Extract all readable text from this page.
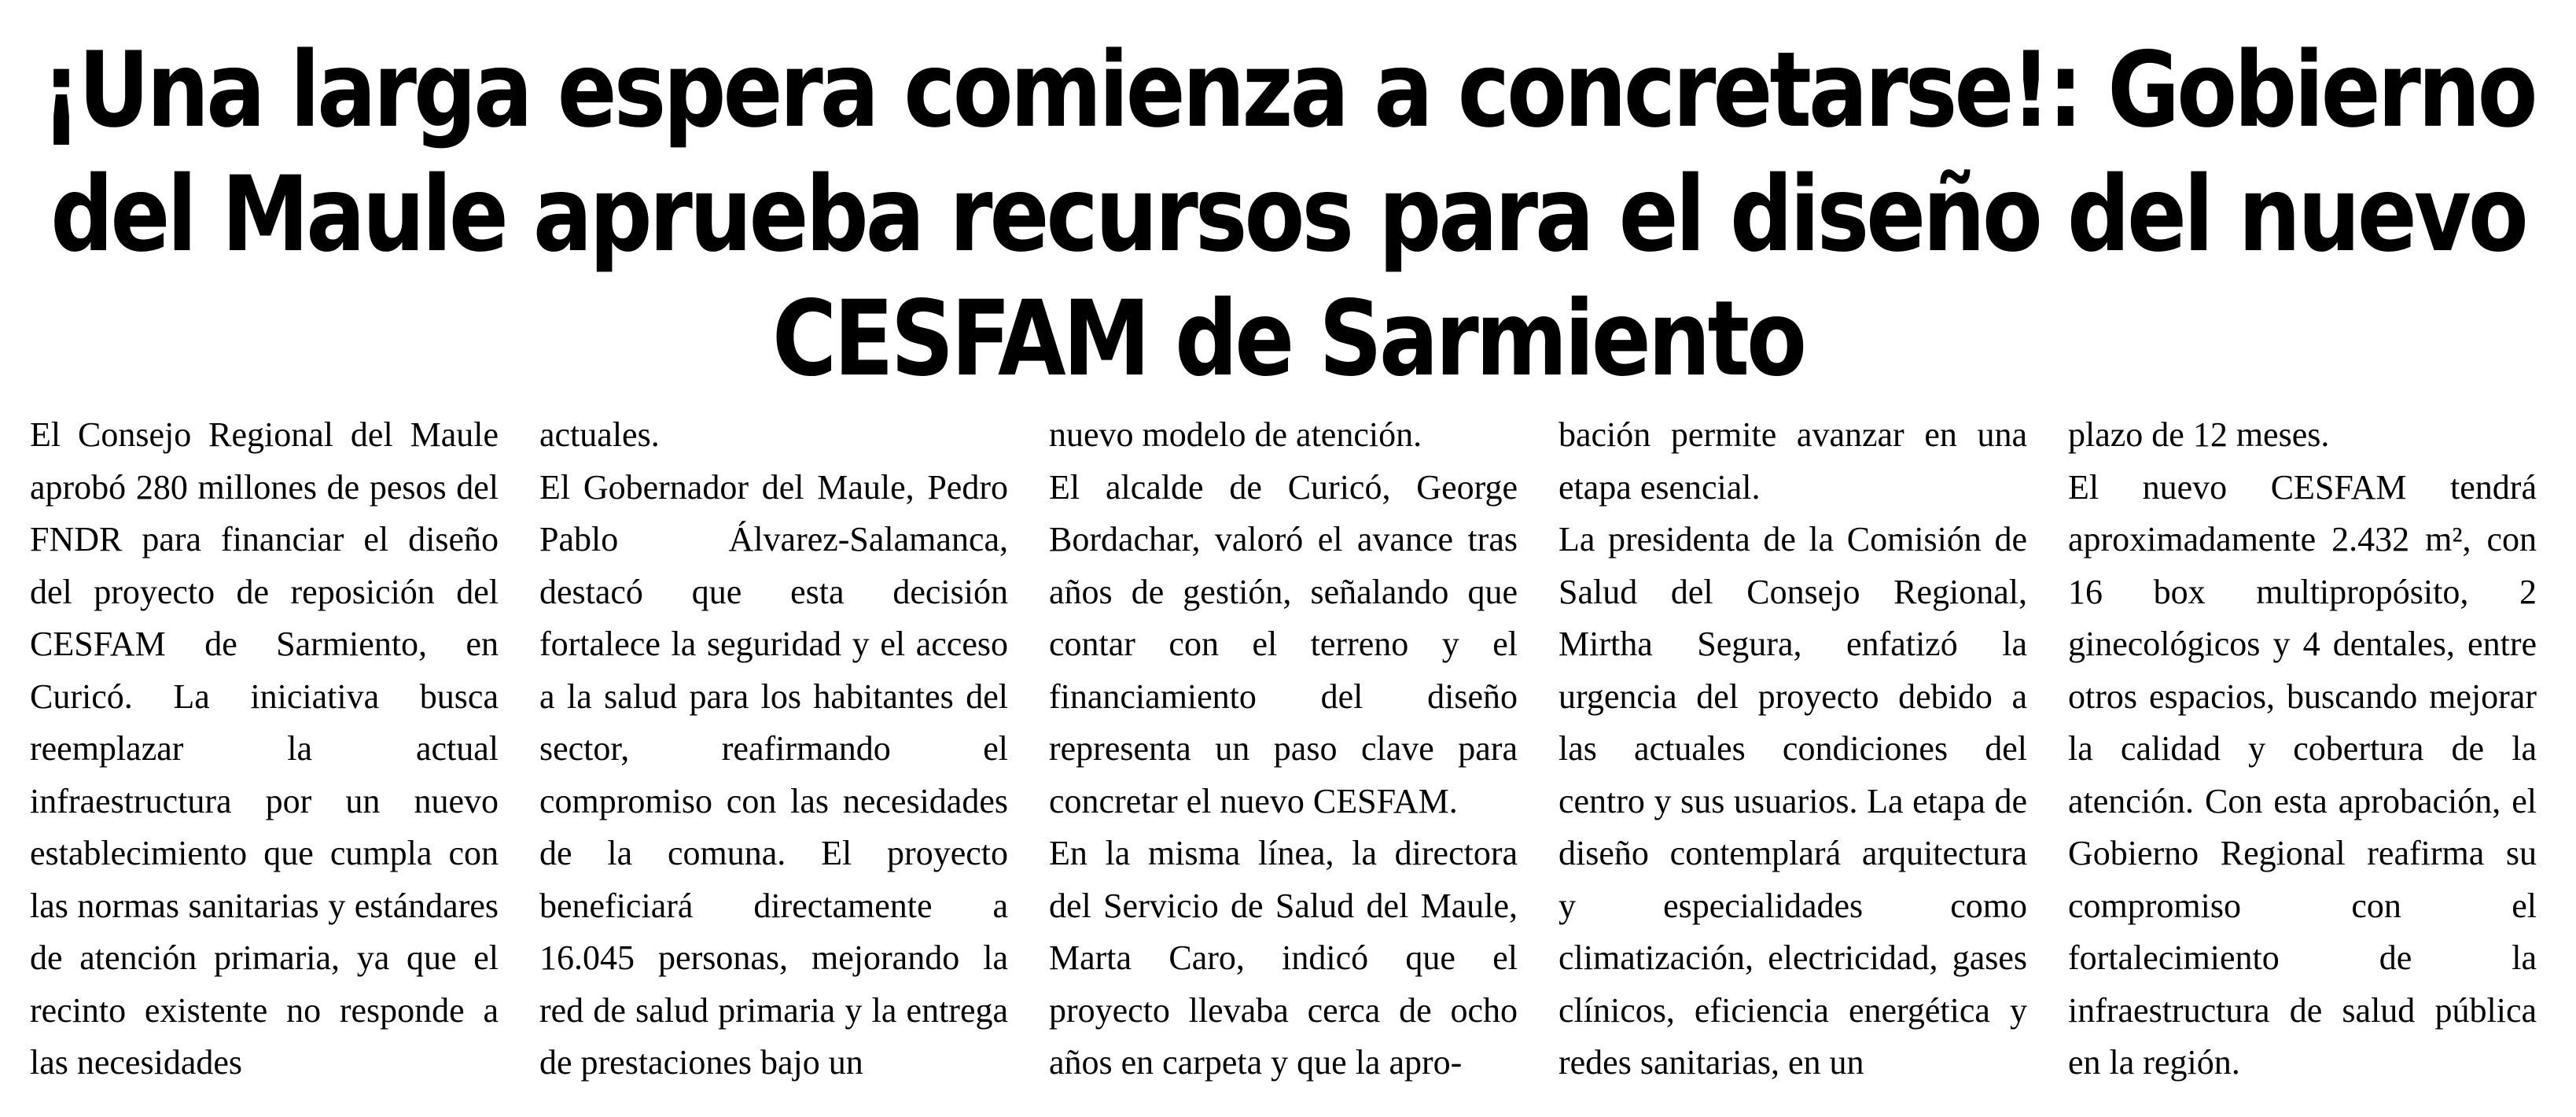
¡Una larga espera comienza a concretarse!: Gobierno del Maule aprueba recursos para el diseño del nuevo CESFAM de Sarmiento

El Consejo Regional del Maule aprobó 280 millones de pesos del FNDR para financiar el diseño del proyecto de reposición del CESFAM de Sarmiento, en Curicó. La iniciativa busca reemplazar la actual infraestructura por un nuevo establecimiento que cumpla con las normas sanitarias y estándares de atención primaria, ya que el recinto existente no responde a las necesidades

actuales.

El Gobernador del Maule, Pedro Pablo Álvarez-Salamanca, destacó que esta decisión fortalece la seguridad y el acceso a la salud para los habitantes del sector, reafirmando el compromiso con las necesidades de la comuna. El proyecto beneficiará directamente a 16.045 personas, mejorando la red de salud primaria y la entrega de prestaciones bajo un

nuevo modelo de atención.

El alcalde de Curicó, George Bordachar, valoró el avance tras años de gestión, señalando que contar con el terreno y el financiamiento del diseño representa un paso clave para concretar el nuevo CESFAM.

En la misma línea, la directora del Servicio de Salud del Maule, Marta Caro, indicó que el proyecto llevaba cerca de ocho años en carpeta y que la apro-

bación permite avanzar en una etapa esencial.

La presidenta de la Comisión de Salud del Consejo Regional, Mirtha Segura, enfatizó la urgencia del proyecto debido a las actuales condiciones del centro y sus usuarios. La etapa de diseño contemplará arquitectura y especialidades como climatización, electricidad, gases clínicos, eficiencia energética y redes sanitarias, en un

plazo de 12 meses.

El nuevo CESFAM tendrá aproximadamente 2.432 m², con 16 box multipropósito, 2 ginecológicos y 4 dentales, entre otros espacios, buscando mejorar la calidad y cobertura de la atención. Con esta aprobación, el Gobierno Regional reafirma su compromiso con el fortalecimiento de la infraestructura de salud pública en la región.
